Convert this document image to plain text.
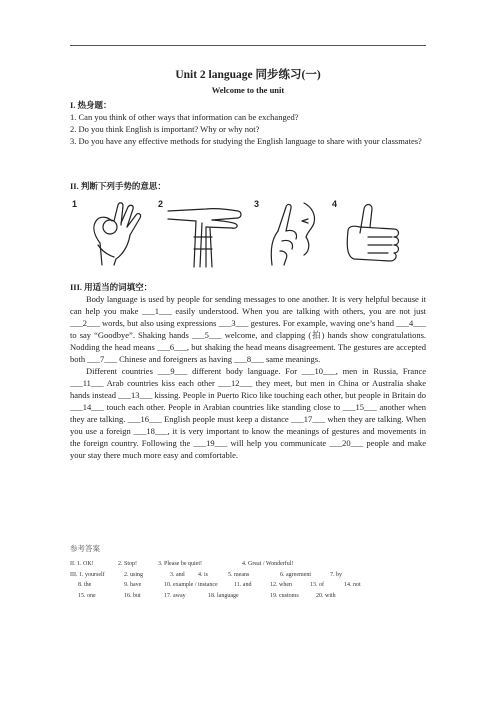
Unit 2 language 同步练习(一)
Welcome to the unit
I. 热身题：
1. Can you think of other ways that information can be exchanged?
2. Do you think English is important? Why or why not?
3. Do you have any effective methods for studying the English language to share with your classmates?
II. 判断下列手势的意思：
1	2	3	4
III. 用适当的词填空：
Body language is used by people for sending messages to one another. It is very helpful because it can help you make ___1___ easily understood. When you are talking with others, you are not just ___2___ words, but also using expressions ___3___ gestures. For example, waving one’s hand ___4___ to say “Goodbye”. Shaking hands ___5___ welcome, and clapping (拍) hands show congratulations. Nodding the head means ___6___, but shaking the head means disagreement. The gestures are accepted both ___7___ Chinese and foreigners as having ___8___ same meanings.
Different countries ___9___ different body language. For ___10___, men in Russia, France ___11___ Arab countries kiss each other ___12___ they meet, but men in China or Australia shake hands instead ___13___ kissing. People in Puerto Rico like touching each other, but people in Britain do ___14___ touch each other. People in Arabian countries like standing close to ___15___ another when they are talking. ___16___ English people must keep a distance ___17___ when they are talking. When you use a foreign ___18___, it is very important to know the meanings of gestures and movements in the foreign country. Following the ___19___ will help you communicate ___20___ people and make your stay there much more easy and comfortable.
参考答案
II. 1. OK!	2. Stop!	3. Please be quiet!	4. Great / Wonderful!
III. 1. yourself	2. using	3. and 4. is	5. means	6. agreement	7. by
8. the	9. have	10. example / instance	11. and	12. when	13. of	14. not
15. one	16. but	17. away	18. language	19. customs	20. with
